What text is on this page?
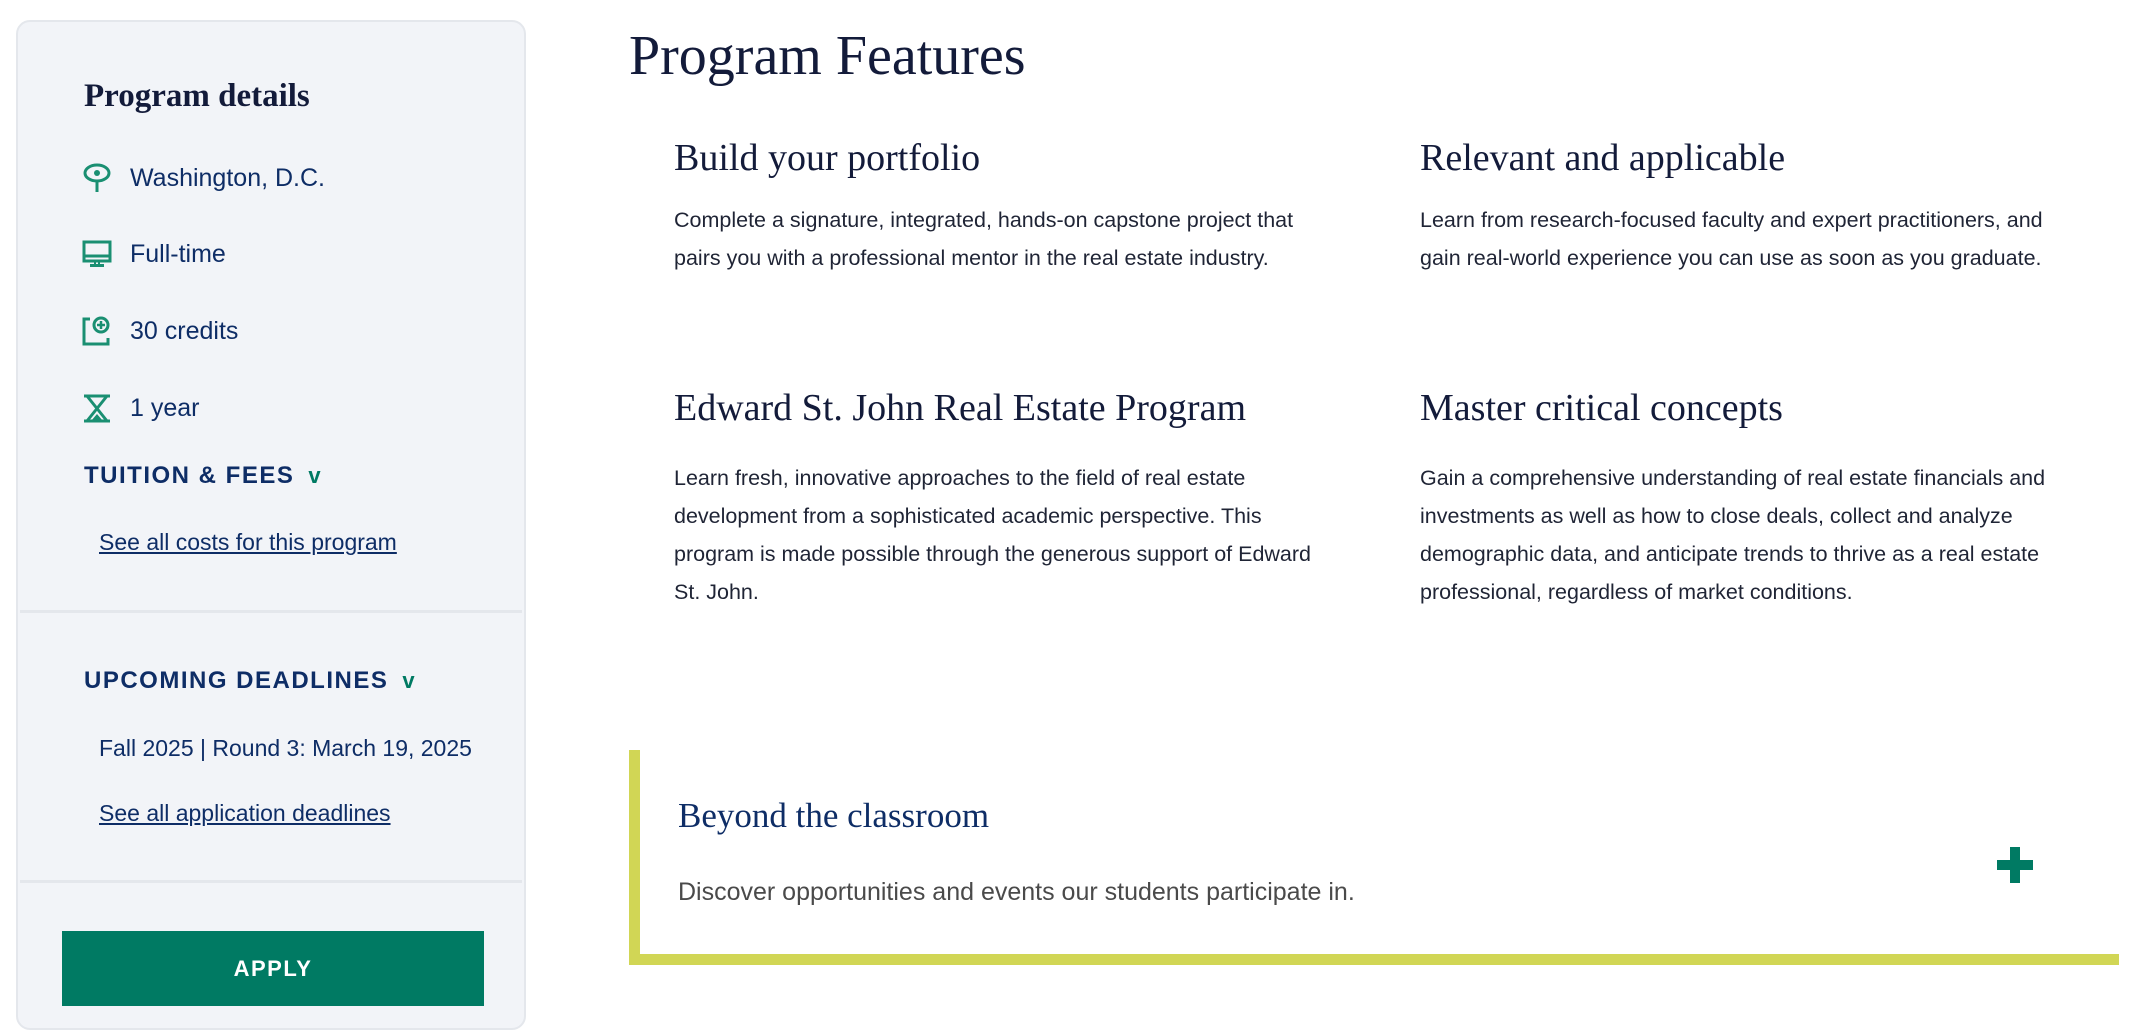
Program details
Washington, D.C.
Full-time
30 credits
1 year
TUITION & FEES v
See all costs for this program
UPCOMING DEADLINES v
Fall 2025 | Round 3: March 19, 2025
See all application deadlines
APPLY
Program Features
Build your portfolio

Complete a signature, integrated, hands-on capstone project that pairs you with a professional mentor in the real estate industry.

Relevant and applicable

Learn from research-focused faculty and expert practitioners, and gain real-world experience you can use as soon as you graduate.

Edward St. John Real Estate Program

Learn fresh, innovative approaches to the field of real estate development from a sophisticated academic perspective. This program is made possible through the generous support of Edward St. John.

Master critical concepts

Gain a comprehensive understanding of real estate financials and investments as well as how to close deals, collect and analyze demographic data, and anticipate trends to thrive as a real estate professional, regardless of market conditions.

Beyond the classroom

Discover opportunities and events our students participate in.
